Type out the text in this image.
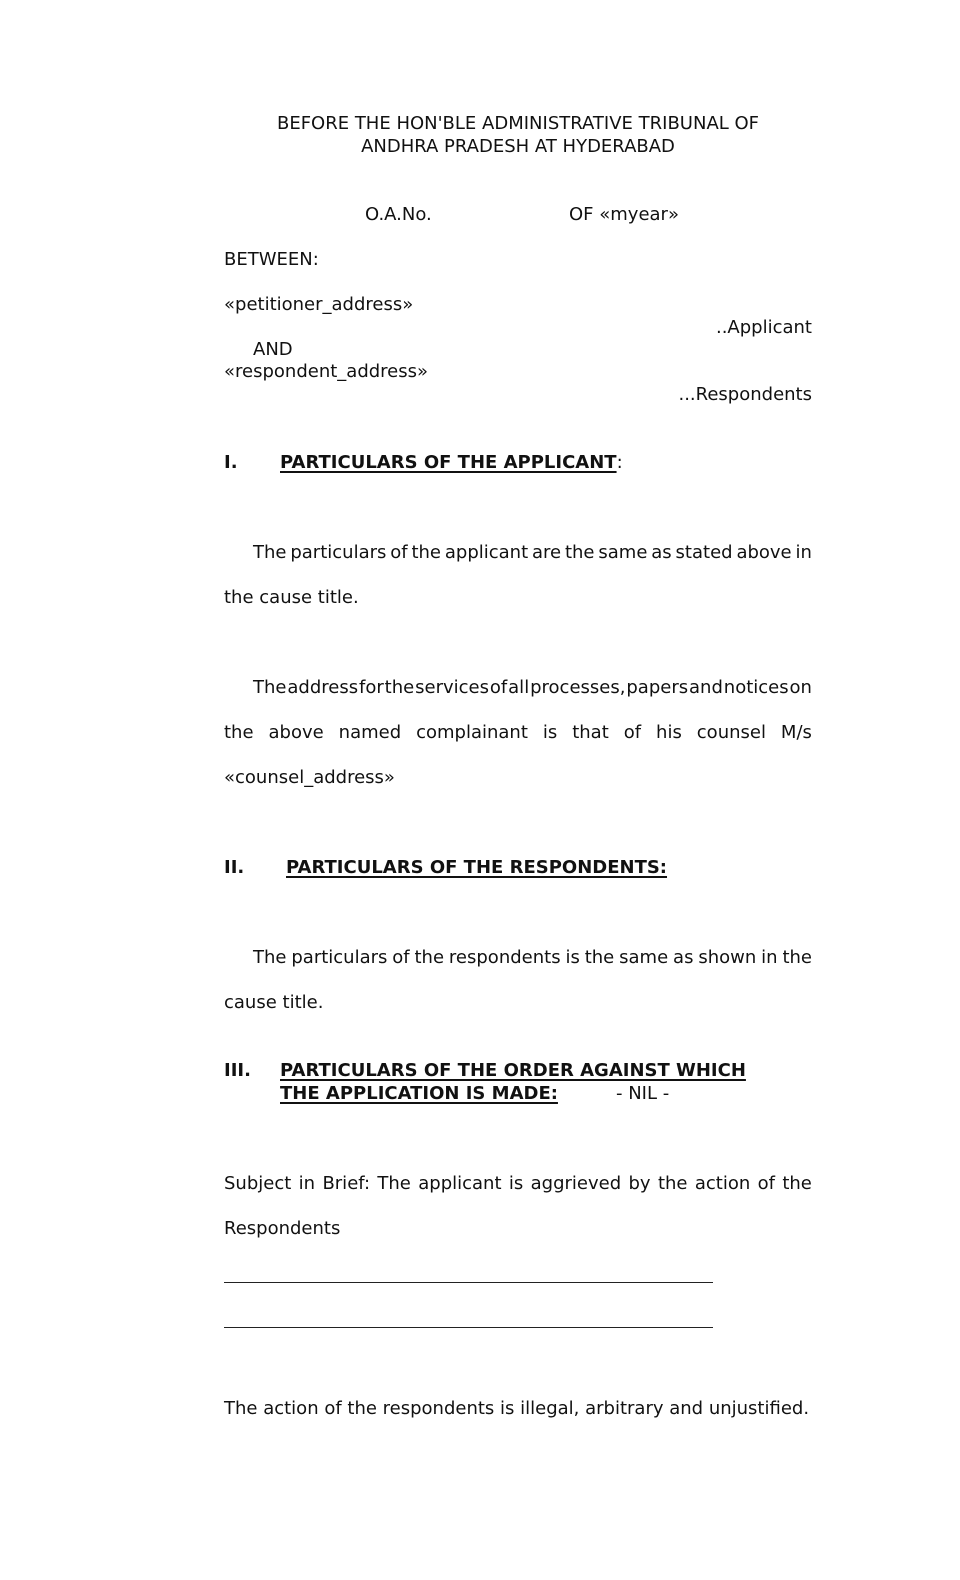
BEFORE THE HON'BLE ADMINISTRATIVE TRIBUNAL OF
ANDHRA PRADESH AT HYDERABAD
O.A.No.	OF «myear»
BETWEEN:
«petitioner_address»
..Applicant
AND
«respondent_address»
...Respondents
I. PARTICULARS OF THE APPLICANT:
The particulars of the applicant are the same as stated above in
the cause title.
The address for the services of all processes, papers and notices on
the above named complainant is that of his counsel M/s
«counsel_address»
II. PARTICULARS OF THE RESPONDENTS:
The particulars of the respondents is the same as shown in the
cause title.
III. PARTICULARS OF THE ORDER AGAINST WHICH
THE APPLICATION IS MADE:	- NIL -
Subject in Brief: The applicant is aggrieved by the action of the
Respondents
The action of the respondents is illegal, arbitrary and unjustified.
